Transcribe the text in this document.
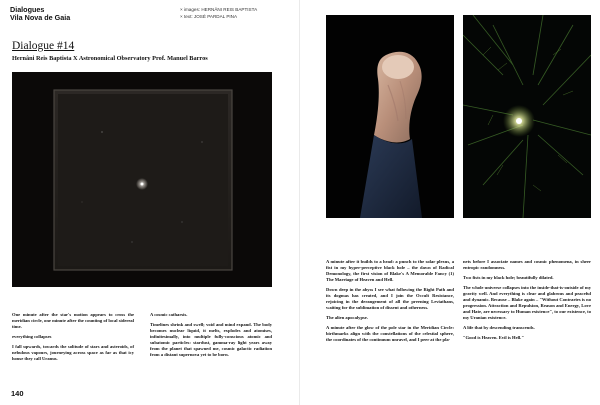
Dialogues
Vila Nova de Gaia
× images: HERNÂNI REIS BAPTISTA
× text: JOSÉ PARDAL PINA
Dialogue #14
Hernâni Reis Baptista X Astronomical Observatory Prof. Manuel Barros

One minute after the star's motion appears to cross the meridian circle, one minute after the counting of local sidereal time.

everything collapses

I fall upwards, towards the solitude of stars and asteroids, of nebulous vapours, journeying across space as far as that icy house they call Uranus.

A cosmic catharsis.

Timelines shrink and swell; void and mind expand. The body becomes nuclear liquid, it melts, explodes and atomises, infinitesimally, into multiple fully-conscious atomic and subatomic particles: stardust, gamma-ray light years away from the planet that spawned me, cosmic galactic radiation from a distant supernova yet to be born.

140

A minute after it builds to a head: a punch to the solar plexus, a fist in my hyper-perceptive black hole – the dawn of Radical Demonology, the first vision of Blake's A Memorable Fancy (1) The Marriage of Heaven and Hell.

Down deep in the abyss I see what following the Right Path and its dogmas has created, and I join the Occult Resistance, rejoicing in the derangement of all the preening Leviathans, waiting for the sublimation of dissent and otherness.

The alien apocalypse.

A minute after the glow of the pole star in the Meridian Circle: birthmarks align with the constellations of the celestial sphere, the coordinates of the continuum unravel, and I peer at the pla-

nets before I associate names and cosmic phenomena, in sheer entropic randomness.

Two fists in my black hole; beautifully dilated.

The whole universe collapses into the inside-that-is-outside of my gravity well. And everything is clear and glabrous and peaceful and dynamic. Because – Blake again – "Without Contraries is no progression. Attraction and Repulsion, Reason and Energy, Love and Hate, are necessary to Human existence", to our existence, to my Uranian existence.

A life that by descending transcends.

"Good is Heaven. Evil is Hell."
